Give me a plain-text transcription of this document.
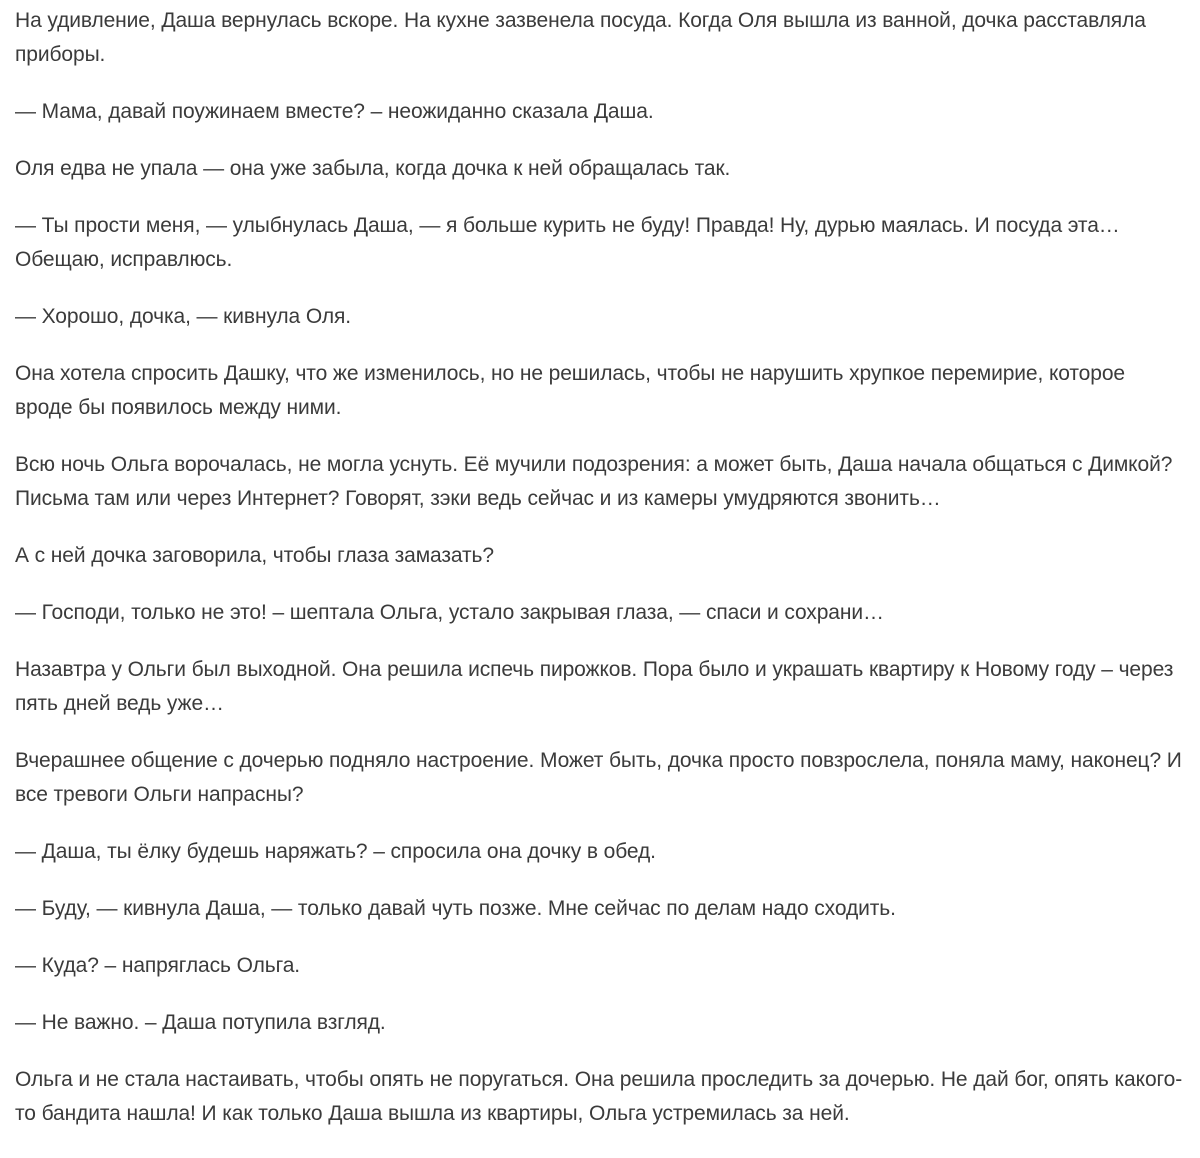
На удивление, Даша вернулась вскоре. На кухне зазвенела посуда. Когда Оля вышла из ванной, дочка расставляла приборы.

— Мама, давай поужинаем вместе? – неожиданно сказала Даша.

Оля едва не упала — она уже забыла, когда дочка к ней обращалась так.

— Ты прости меня, — улыбнулась Даша, — я больше курить не буду! Правда! Ну, дурью маялась. И посуда эта… Обещаю, исправлюсь.

— Хорошо, дочка, — кивнула Оля.

Она хотела спросить Дашку, что же изменилось, но не решилась, чтобы не нарушить хрупкое перемирие, которое вроде бы появилось между ними.

Всю ночь Ольга ворочалась, не могла уснуть. Её мучили подозрения: а может быть, Даша начала общаться с Димкой? Письма там или через Интернет? Говорят, зэки ведь сейчас и из камеры умудряются звонить…

А с ней дочка заговорила, чтобы глаза замазать?

— Господи, только не это! – шептала Ольга, устало закрывая глаза, — спаси и сохрани…

Назавтра у Ольги был выходной. Она решила испечь пирожков. Пора было и украшать квартиру к Новому году – через пять дней ведь уже…

Вчерашнее общение с дочерью подняло настроение. Может быть, дочка просто повзрослела, поняла маму, наконец? И все тревоги Ольги напрасны?

— Даша, ты ёлку будешь наряжать? – спросила она дочку в обед.

— Буду, — кивнула Даша, — только давай чуть позже. Мне сейчас по делам надо сходить.

— Куда? – напряглась Ольга.

— Не важно. – Даша потупила взгляд.

Ольга и не стала настаивать, чтобы опять не поругаться. Она решила проследить за дочерью. Не дай бог, опять какого-то бандита нашла! И как только Даша вышла из квартиры, Ольга устремилась за ней.
